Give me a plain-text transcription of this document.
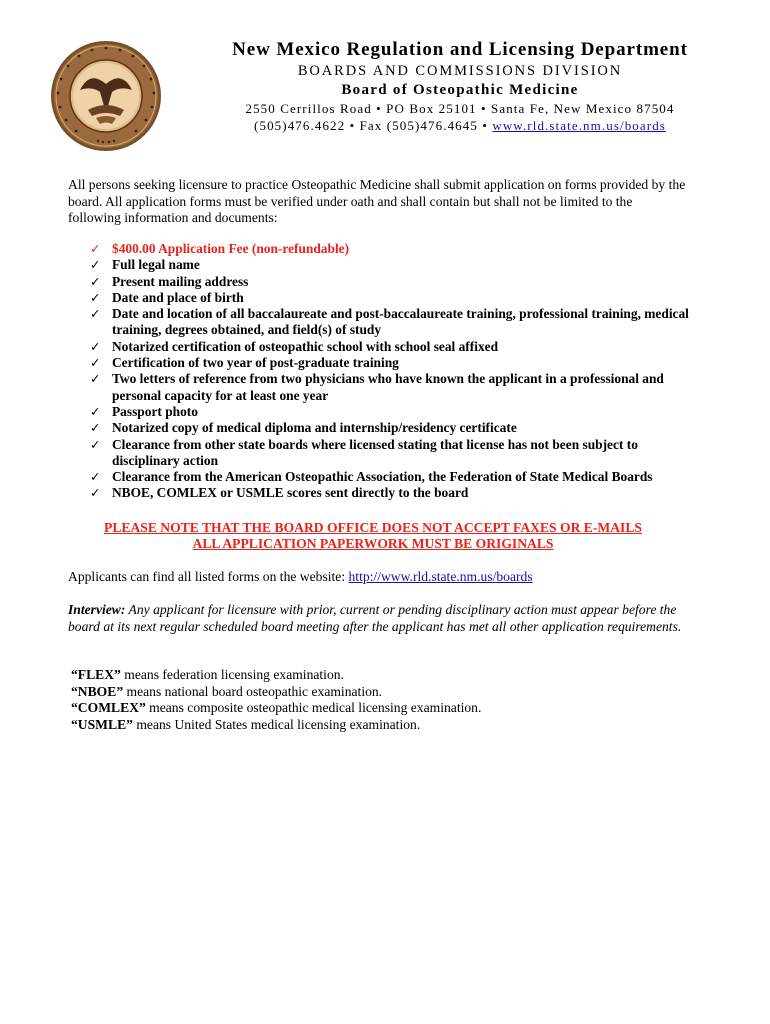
New Mexico Regulation and Licensing Department
BOARDS AND COMMISSIONS DIVISION
Board of Osteopathic Medicine
2550 Cerrillos Road • PO Box 25101 • Santa Fe, New Mexico 87504
(505)476.4622 • Fax (505)476.4645 • www.rld.state.nm.us/boards
All persons seeking licensure to practice Osteopathic Medicine shall submit application on forms provided by the board. All application forms must be verified under oath and shall contain but shall not be limited to the following information and documents:
✓ $400.00 Application Fee (non-refundable)
✓ Full legal name
✓ Present mailing address
✓ Date and place of birth
✓ Date and location of all baccalaureate and post-baccalaureate training, professional training, medical training, degrees obtained, and field(s) of study
✓ Notarized certification of osteopathic school with school seal affixed
✓ Certification of two year of post-graduate training
✓ Two letters of reference from two physicians who have known the applicant in a professional and personal capacity for at least one year
✓ Passport photo
✓ Notarized copy of medical diploma and internship/residency certificate
✓ Clearance from other state boards where licensed stating that license has not been subject to disciplinary action
✓ Clearance from the American Osteopathic Association, the Federation of State Medical Boards
✓ NBOE, COMLEX or USMLE scores sent directly to the board
PLEASE NOTE THAT THE BOARD OFFICE DOES NOT ACCEPT FAXES OR E-MAILS
ALL APPLICATION PAPERWORK MUST BE ORIGINALS
Applicants can find all listed forms on the website: http://www.rld.state.nm.us/boards
Interview: Any applicant for licensure with prior, current or pending disciplinary action must appear before the board at its next regular scheduled board meeting after the applicant has met all other application requirements.
“FLEX” means federation licensing examination.
“NBOE” means national board osteopathic examination.
“COMLEX” means composite osteopathic medical licensing examination.
“USMLE” means United States medical licensing examination.
